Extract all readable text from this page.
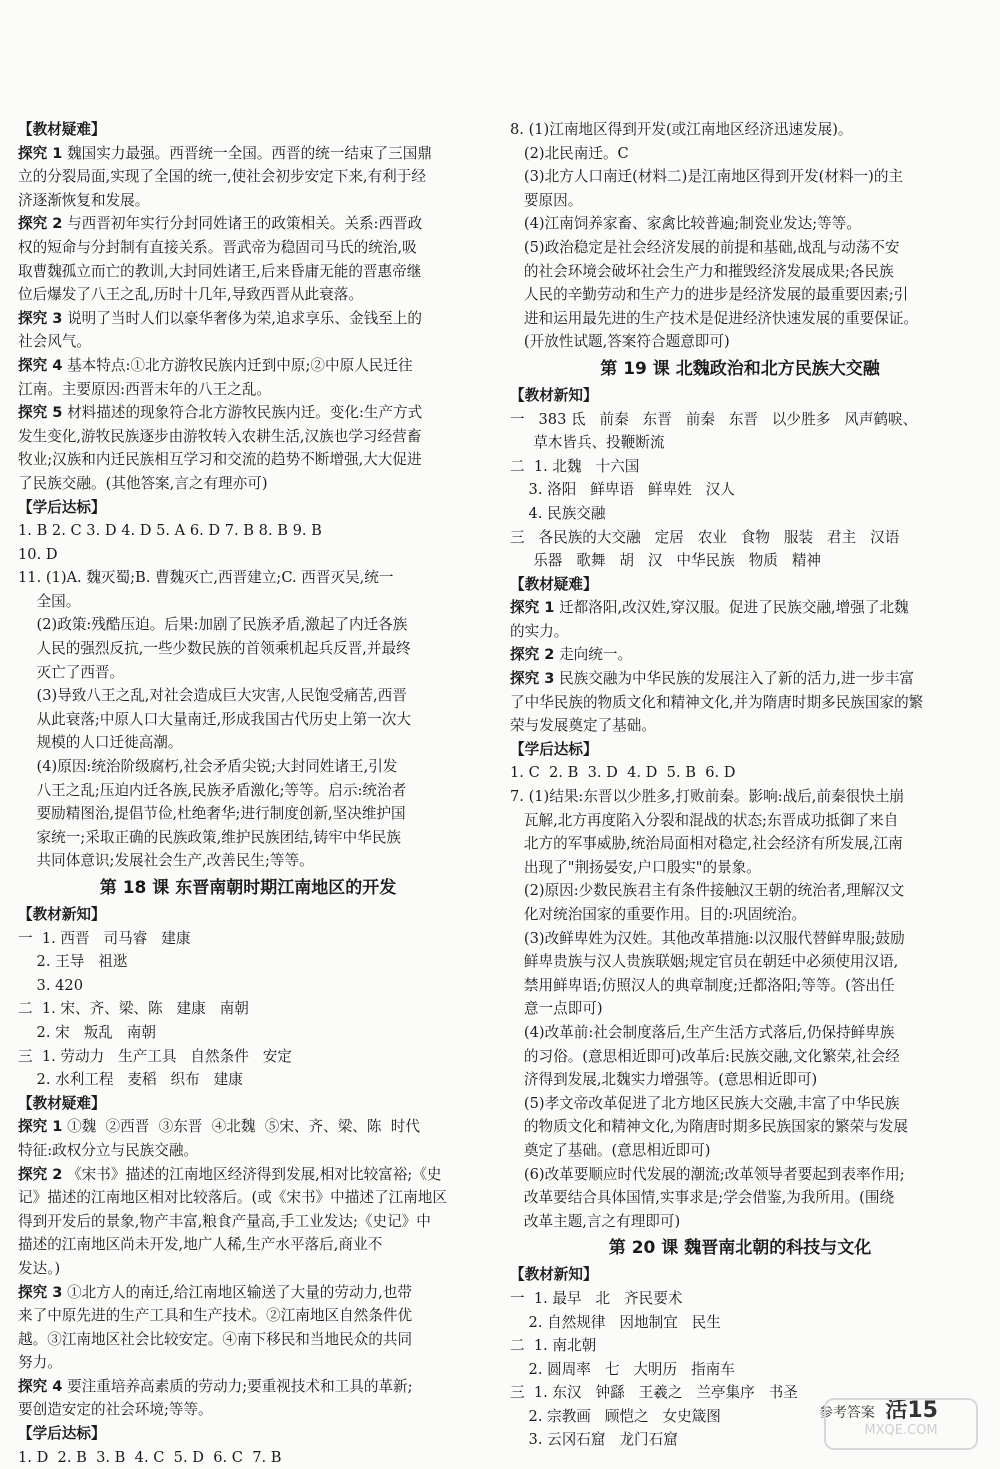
【教材疑难】
探究 1 魏国实力最强。西晋统一全国。西晋的统一结束了三国鼎
立的分裂局面,实现了全国的统一,使社会初步安定下来,有利于经
济逐渐恢复和发展。
探究 2 与西晋初年实行分封同姓诸王的政策相关。关系:西晋政
权的短命与分封制有直接关系。晋武帝为稳固司马氏的统治,吸
取曹魏孤立而亡的教训,大封同姓诸王,后来昏庸无能的晋惠帝继
位后爆发了八王之乱,历时十几年,导致西晋从此衰落。
探究 3 说明了当时人们以豪华奢侈为荣,追求享乐、金钱至上的
社会风气。
探究 4 基本特点:①北方游牧民族内迁到中原;②中原人民迁往
江南。主要原因:西晋末年的八王之乱。
探究 5 材料描述的现象符合北方游牧民族内迁。变化:生产方式
发生变化,游牧民族逐步由游牧转入农耕生活,汉族也学习经营畜
牧业;汉族和内迁民族相互学习和交流的趋势不断增强,大大促进
了民族交融。(其他答案,言之有理亦可)
【学后达标】
1. B 2. C 3. D 4. D 5. A 6. D 7. B 8. B 9. B
10. D
11. (1)A. 魏灭蜀;B. 曹魏灭亡,西晋建立;C. 西晋灭吴,统一
全国。
(2)政策:残酷压迫。后果:加剧了民族矛盾,激起了内迁各族
人民的强烈反抗,一些少数民族的首领乘机起兵反晋,并最终
灭亡了西晋。
(3)导致八王之乱,对社会造成巨大灾害,人民饱受痛苦,西晋
从此衰落;中原人口大量南迁,形成我国古代历史上第一次大
规模的人口迁徙高潮。
(4)原因:统治阶级腐朽,社会矛盾尖锐;大封同姓诸王,引发
八王之乱;压迫内迁各族,民族矛盾激化;等等。启示:统治者
要励精图治,提倡节俭,杜绝奢华;进行制度创新,坚决维护国
家统一;采取正确的民族政策,维护民族团结,铸牢中华民族
共同体意识;发展社会生产,改善民生;等等。
第 18 课 东晋南朝时期江南地区的开发
【教材新知】
一  1. 西晋   司马睿   建康
2. 王导   祖逖
3. 420
二  1. 宋、齐、梁、陈   建康   南朝
2. 宋   叛乱   南朝
三  1. 劳动力   生产工具   自然条件   安定
2. 水利工程   麦稻   织布   建康
【教材疑难】
探究 1 ①魏  ②西晋  ③东晋  ④北魏  ⑤宋、齐、梁、陈  时代
特征:政权分立与民族交融。
探究 2 《宋书》描述的江南地区经济得到发展,相对比较富裕;《史
记》描述的江南地区相对比较落后。(或《宋书》中描述了江南地区
得到开发后的景象,物产丰富,粮食产量高,手工业发达;《史记》中
描述的江南地区尚未开发,地广人稀,生产水平落后,商业不
发达。)
探究 3 ①北方人的南迁,给江南地区输送了大量的劳动力,也带
来了中原先进的生产工具和生产技术。②江南地区自然条件优
越。③江南地区社会比较安定。④南下移民和当地民众的共同
努力。
探究 4 要注重培养高素质的劳动力;要重视技术和工具的革新;
要创造安定的社会环境;等等。
【学后达标】
1. D  2. B  3. B  4. C  5. D  6. C  7. B
8. (1)江南地区得到开发(或江南地区经济迅速发展)。
(2)北民南迁。C
(3)北方人口南迁(材料二)是江南地区得到开发(材料一)的主
要原因。
(4)江南饲养家畜、家禽比较普遍;制瓷业发达;等等。
(5)政治稳定是社会经济发展的前提和基础,战乱与动荡不安
的社会环境会破坏社会生产力和摧毁经济发展成果;各民族
人民的辛勤劳动和生产力的进步是经济发展的最重要因素;引
进和运用最先进的生产技术是促进经济快速发展的重要保证。
(开放性试题,答案符合题意即可)
第 19 课 北魏政治和北方民族大交融
【教材新知】
一   383 氐   前秦   东晋   前秦   东晋   以少胜多   风声鹤唳、
草木皆兵、投鞭断流
二  1. 北魏   十六国
3. 洛阳   鲜卑语   鲜卑姓   汉人
4. 民族交融
三   各民族的大交融   定居   农业   食物   服装   君主   汉语
乐器   歌舞   胡   汉   中华民族   物质   精神
【教材疑难】
探究 1 迁都洛阳,改汉姓,穿汉服。促进了民族交融,增强了北魏
的实力。
探究 2 走向统一。
探究 3 民族交融为中华民族的发展注入了新的活力,进一步丰富
了中华民族的物质文化和精神文化,并为隋唐时期多民族国家的繁
荣与发展奠定了基础。
【学后达标】
1. C  2. B  3. D  4. D  5. B  6. D
7. (1)结果:东晋以少胜多,打败前秦。影响:战后,前秦很快土崩
瓦解,北方再度陷入分裂和混战的状态;东晋成功抵御了来自
北方的军事威胁,统治局面相对稳定,社会经济有所发展,江南
出现了"荆扬晏安,户口殷实"的景象。
(2)原因:少数民族君主有条件接触汉王朝的统治者,理解汉文
化对统治国家的重要作用。目的:巩固统治。
(3)改鲜卑姓为汉姓。其他改革措施:以汉服代替鲜卑服;鼓励
鲜卑贵族与汉人贵族联姻;规定官员在朝廷中必须使用汉语,
禁用鲜卑语;仿照汉人的典章制度;迁都洛阳;等等。(答出任
意一点即可)
(4)改革前:社会制度落后,生产生活方式落后,仍保持鲜卑族
的习俗。(意思相近即可)改革后:民族交融,文化繁荣,社会经
济得到发展,北魏实力增强等。(意思相近即可)
(5)孝文帝改革促进了北方地区民族大交融,丰富了中华民族
的物质文化和精神文化,为隋唐时期多民族国家的繁荣与发展
奠定了基础。(意思相近即可)
(6)改革要顺应时代发展的潮流;改革领导者要起到表率作用;
改革要结合具体国情,实事求是;学会借鉴,为我所用。(围绕
改革主题,言之有理即可)
第 20 课 魏晋南北朝的科技与文化
【教材新知】
一  1. 最早   北   齐民要术
2. 自然规律   因地制宜   民生
二  1. 南北朝
2. 圆周率   七   大明历   指南车
三  1. 东汉   钟繇   王羲之   兰亭集序   书圣
2. 宗教画   顾恺之   女史箴图
3. 云冈石窟   龙门石窟
参考答案 活15
MXQE.COM
